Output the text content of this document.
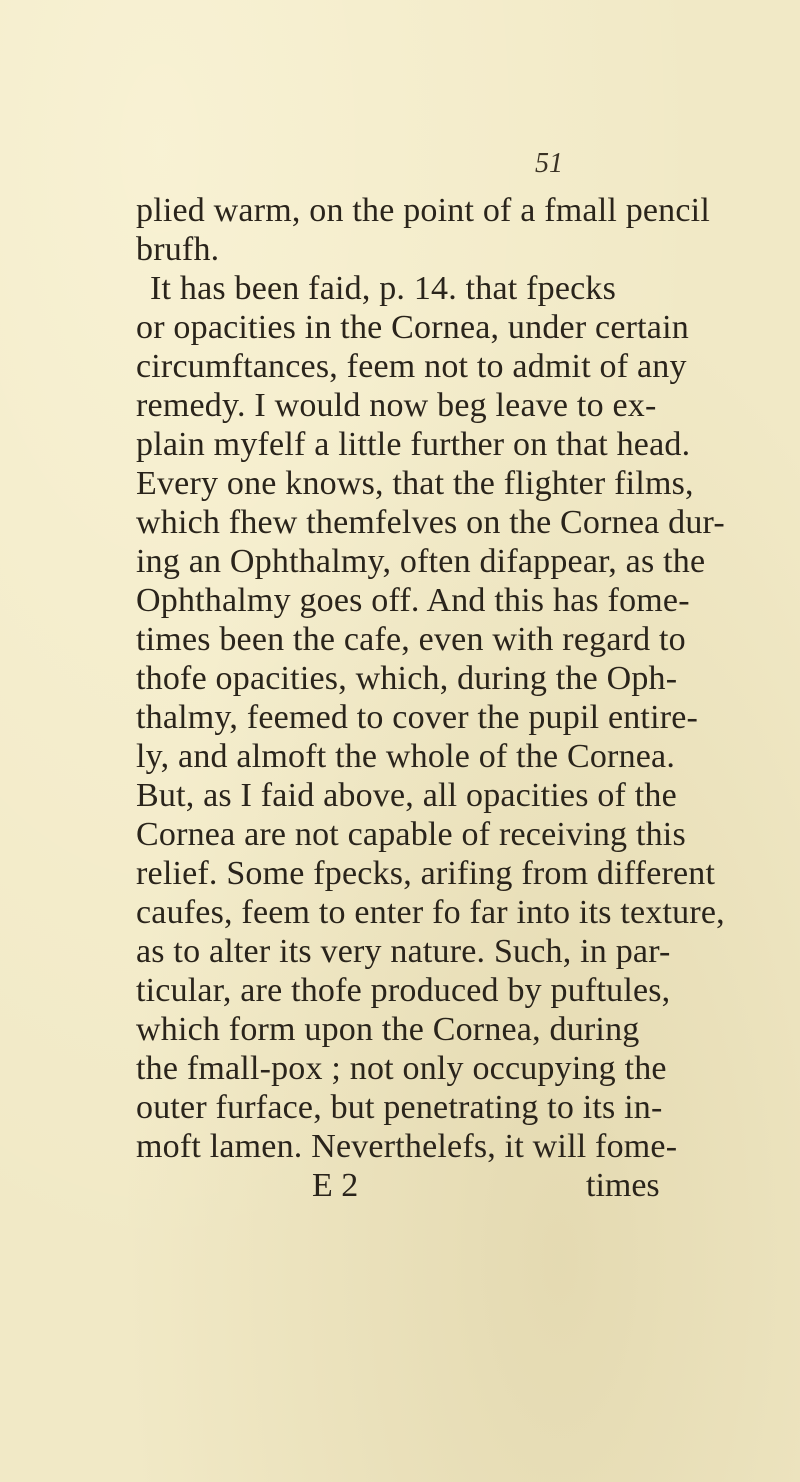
51
plied warm, on the point of a fmall pencil
brufh.
It has been faid, p. 14. that fpecks
or opacities in the Cornea, under certain
circumftances, feem not to admit of any
remedy. I would now beg leave to ex-
plain myfelf a little further on that head.
Every one knows, that the flighter films,
which fhew themfelves on the Cornea dur-
ing an Ophthalmy, often difappear, as the
Ophthalmy goes off. And this has fome-
times been the cafe, even with regard to
thofe opacities, which, during the Oph-
thalmy, feemed to cover the pupil entire-
ly, and almoft the whole of the Cornea.
But, as I faid above, all opacities of the
Cornea are not capable of receiving this
relief. Some fpecks, arifing from different
caufes, feem to enter fo far into its texture,
as to alter its very nature. Such, in par-
ticular, are thofe produced by puftules,
which form upon the Cornea, during
the fmall-pox ; not only occupying the
outer furface, but penetrating to its in-
moft lamen. Neverthelefs, it will fome-
E 2	times
